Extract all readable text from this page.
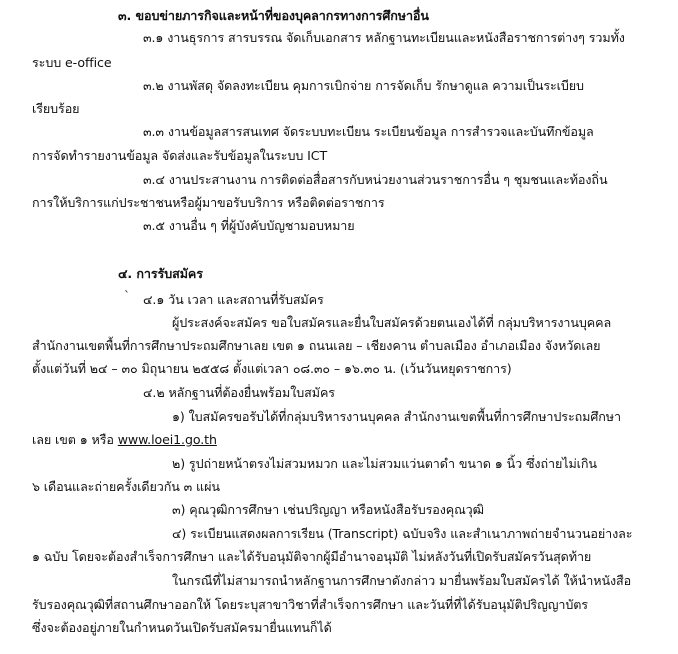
๓. ขอบข่ายภารกิจและหน้าที่ของบุคลากรทางการศึกษาอื่น
๓.๑ งานธุรการ สารบรรณ จัดเก็บเอกสาร หลักฐานทะเบียนและหนังสือราชการต่างๆ รวมทั้ง
ระบบ e-office
๓.๒ งานพัสดุ จัดลงทะเบียน คุมการเบิกจ่าย การจัดเก็บ รักษาดูแล ความเป็นระเบียบ
เรียบร้อย
๓.๓ งานข้อมูลสารสนเทศ จัดระบบทะเบียน ระเบียนข้อมูล การสำรวจและบันทึกข้อมูล
การจัดทำรายงานข้อมูล จัดส่งและรับข้อมูลในระบบ ICT
๓.๔ งานประสานงาน การติดต่อสื่อสารกับหน่วยงานส่วนราชการอื่น ๆ ชุมชนและท้องถิ่น
การให้บริการแก่ประชาชนหรือผู้มาขอรับบริการ หรือติดต่อราชการ
๓.๕ งานอื่น ๆ ที่ผู้บังคับบัญชามอบหมาย
๔. การรับสมัคร
` ๔.๑ วัน เวลา และสถานที่รับสมัคร
ผู้ประสงค์จะสมัคร ขอใบสมัครและยื่นใบสมัครด้วยตนเองได้ที่ กลุ่มบริหารงานบุคคล
สำนักงานเขตพื้นที่การศึกษาประถมศึกษาเลย เขต ๑ ถนนเลย – เชียงคาน ตำบลเมือง อำเภอเมือง จังหวัดเลย
ตั้งแต่วันที่ ๒๔ – ๓๐ มิถุนายน ๒๕๕๘ ตั้งแต่เวลา ๐๘.๓๐ – ๑๖.๓๐ น. (เว้นวันหยุดราชการ)
๔.๒ หลักฐานที่ต้องยื่นพร้อมใบสมัคร
๑) ใบสมัครขอรับได้ที่กลุ่มบริหารงานบุคคล สำนักงานเขตพื้นที่การศึกษาประถมศึกษา
เลย เขต ๑ หรือ www.loei1.go.th
๒) รูปถ่ายหน้าตรงไม่สวมหมวก และไม่สวมแว่นตาดำ ขนาด ๑ นิ้ว ซึ่งถ่ายไม่เกิน
๖ เดือนและถ่ายครั้งเดียวกัน ๓ แผ่น
๓) คุณวุฒิการศึกษา เช่นปริญญา หรือหนังสือรับรองคุณวุฒิ
๔) ระเบียนแสดงผลการเรียน (Transcript) ฉบับจริง และสำเนาภาพถ่ายจำนวนอย่างละ
๑ ฉบับ โดยจะต้องสำเร็จการศึกษา และได้รับอนุมัติจากผู้มีอำนาจอนุมัติ ไม่หลังวันที่เปิดรับสมัครวันสุดท้าย
ในกรณีที่ไม่สามารถนำหลักฐานการศึกษาดังกล่าว มายื่นพร้อมใบสมัครได้ ให้นำหนังสือ
รับรองคุณวุฒิที่สถานศึกษาออกให้ โดยระบุสาขาวิชาที่สำเร็จการศึกษา และวันที่ที่ได้รับอนุมัติปริญญาบัตร
ซึ่งจะต้องอยู่ภายในกำหนดวันเปิดรับสมัครมายื่นแทนก็ได้
